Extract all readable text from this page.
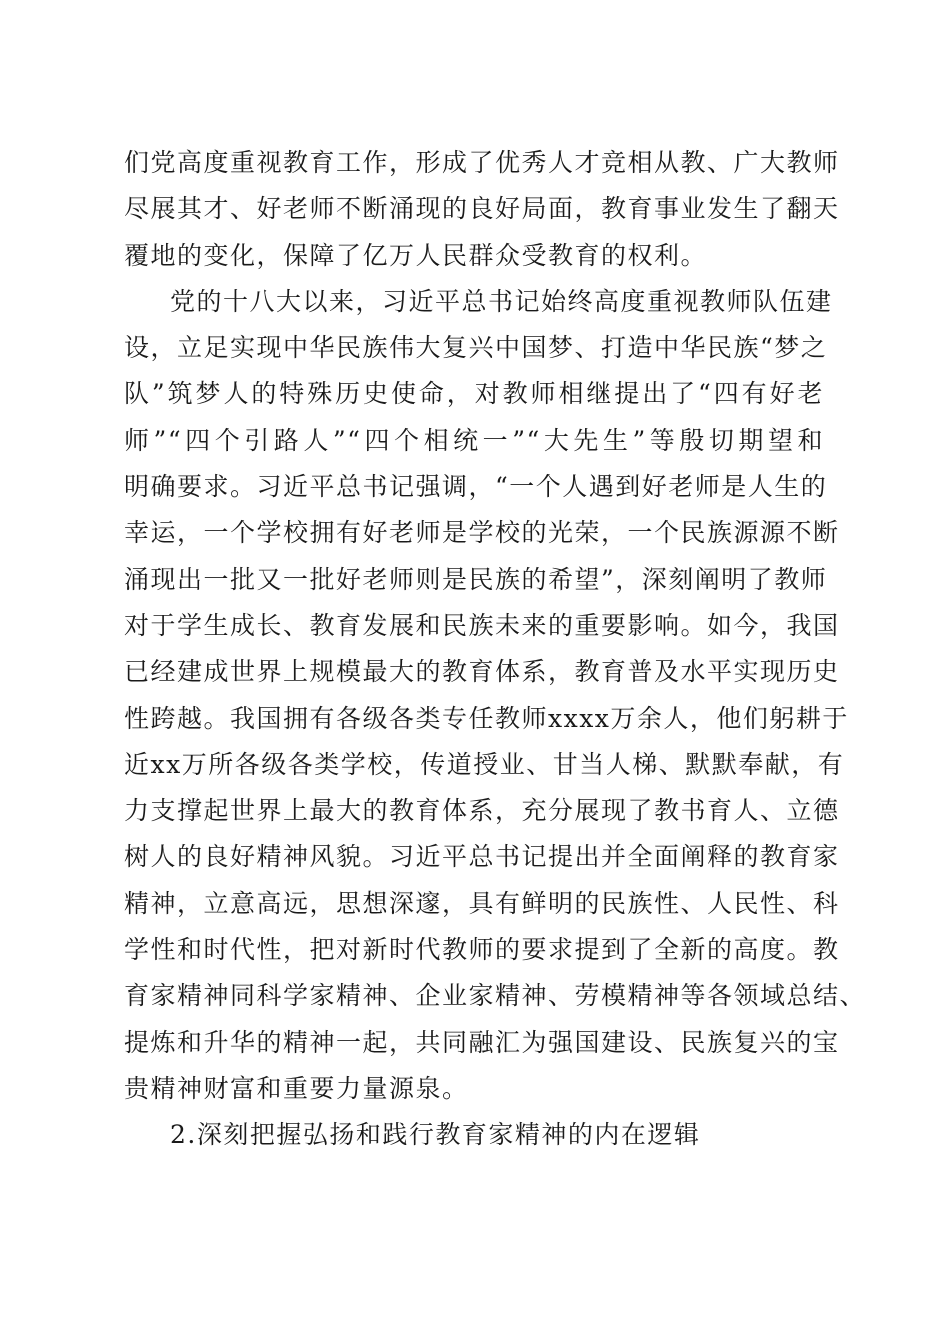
们党高度重视教育工作，形成了优秀人才竞相从教、广大教师
尽展其才、好老师不断涌现的良好局面，教育事业发生了翻天
覆地的变化，保障了亿万人民群众受教育的权利。
党的十八大以来，习近平总书记始终高度重视教师队伍建
设，立足实现中华民族伟大复兴中国梦、打造中华民族“梦之
队”筑梦人的特殊历史使命，对教师相继提出了“四有好老
师”“四个引路人”“四个相统一”“大先生”等殷切期望和
明确要求。习近平总书记强调，“一个人遇到好老师是人生的
幸运，一个学校拥有好老师是学校的光荣，一个民族源源不断
涌现出一批又一批好老师则是民族的希望”，深刻阐明了教师
对于学生成长、教育发展和民族未来的重要影响。如今，我国
已经建成世界上规模最大的教育体系，教育普及水平实现历史
性跨越。我国拥有各级各类专任教师xxxx万余人，他们躬耕于
近xx万所各级各类学校，传道授业、甘当人梯、默默奉献，有
力支撑起世界上最大的教育体系，充分展现了教书育人、立德
树人的良好精神风貌。习近平总书记提出并全面阐释的教育家
精神，立意高远，思想深邃，具有鲜明的民族性、人民性、科
学性和时代性，把对新时代教师的要求提到了全新的高度。教
育家精神同科学家精神、企业家精神、劳模精神等各领域总结、
提炼和升华的精神一起，共同融汇为强国建设、民族复兴的宝
贵精神财富和重要力量源泉。
2.深刻把握弘扬和践行教育家精神的内在逻辑
